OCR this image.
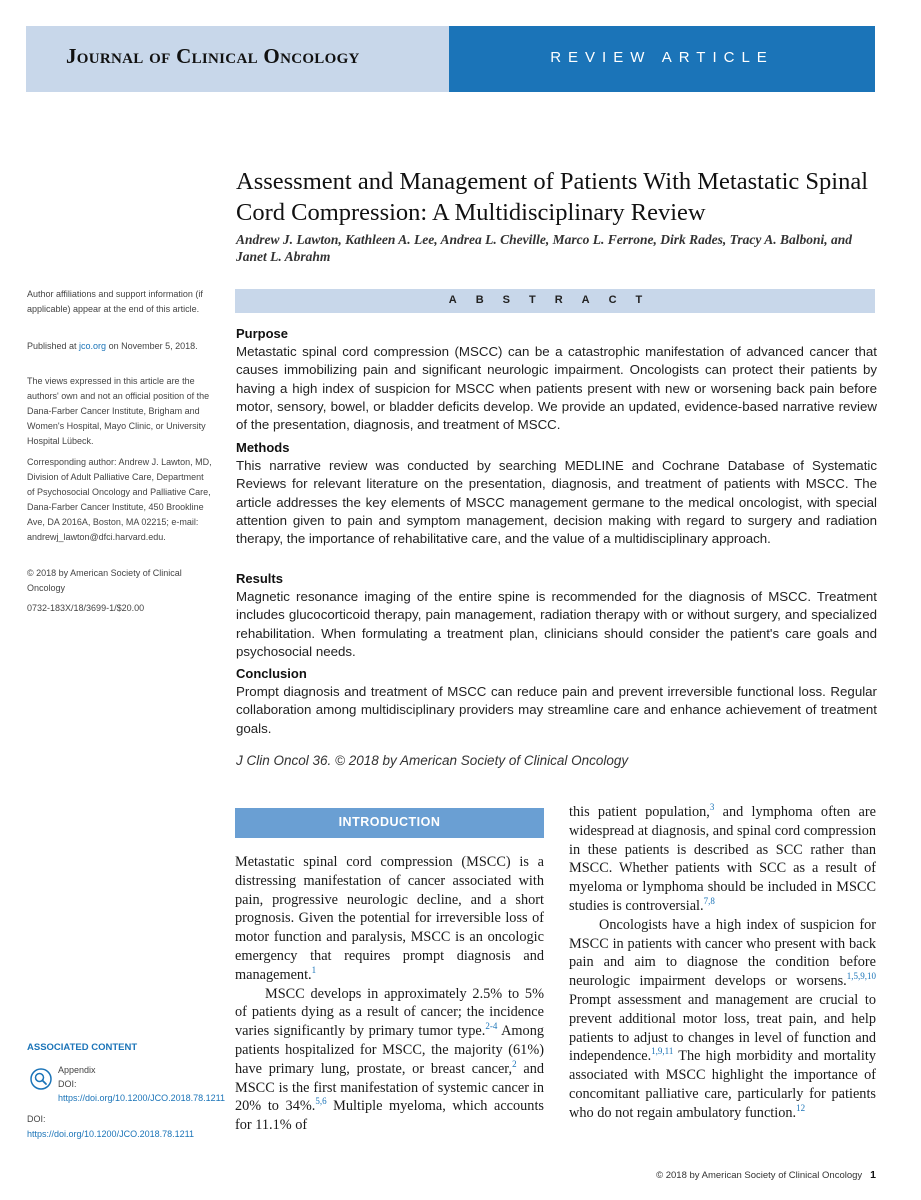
Journal of Clinical Oncology	REVIEW ARTICLE
Assessment and Management of Patients With Metastatic Spinal Cord Compression: A Multidisciplinary Review
Andrew J. Lawton, Kathleen A. Lee, Andrea L. Cheville, Marco L. Ferrone, Dirk Rades, Tracy A. Balboni, and Janet L. Abrahm
Author affiliations and support information (if applicable) appear at the end of this article.
Published at jco.org on November 5, 2018.
The views expressed in this article are the authors' own and not an official position of the Dana-Farber Cancer Institute, Brigham and Women's Hospital, Mayo Clinic, or University Hospital Lübeck.
Corresponding author: Andrew J. Lawton, MD, Division of Adult Palliative Care, Department of Psychosocial Oncology and Palliative Care, Dana-Farber Cancer Institute, 450 Brookline Ave, DA 2016A, Boston, MA 02215; e-mail: andrewj_lawton@dfci.harvard.edu.
© 2018 by American Society of Clinical Oncology
0732-183X/18/3699-1/$20.00
ASSOCIATED CONTENT
Appendix
DOI: https://doi.org/10.1200/JCO.2018.78.1211
DOI: https://doi.org/10.1200/JCO.2018.78.1211
ABSTRACT
Purpose
Metastatic spinal cord compression (MSCC) can be a catastrophic manifestation of advanced cancer that causes immobilizing pain and significant neurologic impairment. Oncologists can protect their patients by having a high index of suspicion for MSCC when patients present with new or worsening back pain before motor, sensory, bowel, or bladder deficits develop. We provide an updated, evidence-based narrative review of the presentation, diagnosis, and treatment of MSCC.
Methods
This narrative review was conducted by searching MEDLINE and Cochrane Database of Systematic Reviews for relevant literature on the presentation, diagnosis, and treatment of patients with MSCC. The article addresses the key elements of MSCC management germane to the medical oncologist, with special attention given to pain and symptom management, decision making with regard to surgery and radiation therapy, the importance of rehabilitative care, and the value of a multidisciplinary approach.
Results
Magnetic resonance imaging of the entire spine is recommended for the diagnosis of MSCC. Treatment includes glucocorticoid therapy, pain management, radiation therapy with or without surgery, and specialized rehabilitation. When formulating a treatment plan, clinicians should consider the patient's care goals and psychosocial needs.
Conclusion
Prompt diagnosis and treatment of MSCC can reduce pain and prevent irreversible functional loss. Regular collaboration among multidisciplinary providers may streamline care and enhance achievement of treatment goals.
J Clin Oncol 36. © 2018 by American Society of Clinical Oncology
INTRODUCTION

Metastatic spinal cord compression (MSCC) is a distressing manifestation of cancer associated with pain, progressive neurologic decline, and a short prognosis. Given the potential for irreversible loss of motor function and paralysis, MSCC is an oncologic emergency that requires prompt diagnosis and management.$^1$

MSCC develops in approximately 2.5% to 5% of patients dying as a result of cancer; the incidence varies significantly by primary tumor type.$^{2-4}$ Among patients hospitalized for MSCC, the majority (61%) have primary lung, prostate, or breast cancer,$^2$ and MSCC is the first manifestation of systemic cancer in 20% to 34%.$^{5,6}$ Multiple myeloma, which accounts for 11.1% of

this patient population,$^3$ and lymphoma often are widespread at diagnosis, and spinal cord compression in these patients is described as SCC rather than MSCC. Whether patients with SCC as a result of myeloma or lymphoma should be included in MSCC studies is controversial.$^{7,8}$

Oncologists have a high index of suspicion for MSCC in patients with cancer who present with back pain and aim to diagnose the condition before neurologic impairment develops or worsens.$^{1,5,9,10}$ Prompt assessment and management are crucial to prevent additional motor loss, treat pain, and help patients to adjust to changes in level of function and independence.$^{1,9,11}$ The high morbidity and mortality associated with MSCC highlight the importance of concomitant palliative care, particularly for patients who do not regain ambulatory function.$^{12}$

© 2018 by American Society of Clinical Oncology 1
